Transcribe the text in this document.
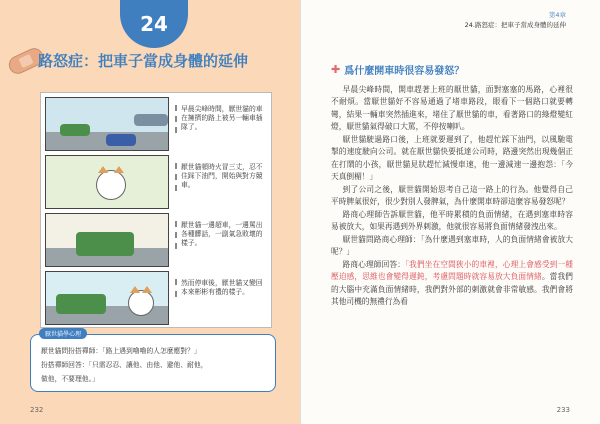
24
路怒症：把車子當成身體的延伸
早晨尖峰時間，厭世貓的車在擁擠的路上被另一輛車插隊了。
厭世貓頓時火冒三丈，忍不住踩下油門，開始與對方競車。
厭世貓一邊超車，一邊罵出各種髒話，一副氣急敗壞的樣子。
然而停車後，厭世貓又變回本來彬彬有禮的樣子。
厭世貓學心理
厭世貓問扮搭禪師：「路上遇到嚕嚕的人怎麼應對？」
扮搭禪師回答：「只需忍忍、讓他、由他、避他、耐他，
做他，不要理他。」
232
第4章
24.路怒症：把車子當成身體的延伸
✚ 爲什麼開車時很容易發怒？

早晨尖峰時間，開車趕著上班的厭世貓，面對塞塞的馬路，心裡很不耐煩。當厭世貓好不容易通過了堵車路段，眼看下一個路口就要轉彎，結果一輛車突然插進來，堵住了厭世貓的車，看著路口的綠燈變紅燈，厭世貓氣得破口大罵，不停按喇叭。

厭世貓駛過路口後，上班就要遲到了，他趕忙踩下油門，以風馳電掣的速度駛向公司。就在厭世貓快要抵達公司時，路邊突然出現幾個正在打鬧的小孩，厭世貓見狀趕忙減慢車速，他一邊減速一邊抱怨：「今天真倒楣！」

到了公司之後，厭世貓開始思考自己這一路上的行為。他覺得自己平時脾氣很好，很少對別人發脾氣，為什麼開車時卻這麼容易發怒呢？

路商心理師告訴厭世貓，他平時累積的負面情緒，在遇到塞車時容易被放大，如果再遇到外界刺激，他就很容易將負面情緒發洩出來。

厭世貓問路商心理師：「為什麼遇到塞車時，人的負面情緒會被放大呢？」

路商心理師回答：「我們坐在空間狹小的車裡，心理上會感受到一種壓迫感，思維也會變得遲鈍，考慮問題時就容易放大負面情緒。當我們的大腦中充滿負面情緒時，我們對外部的刺激就會非常敏感。我們會將其他司機的無禮行為看

233
